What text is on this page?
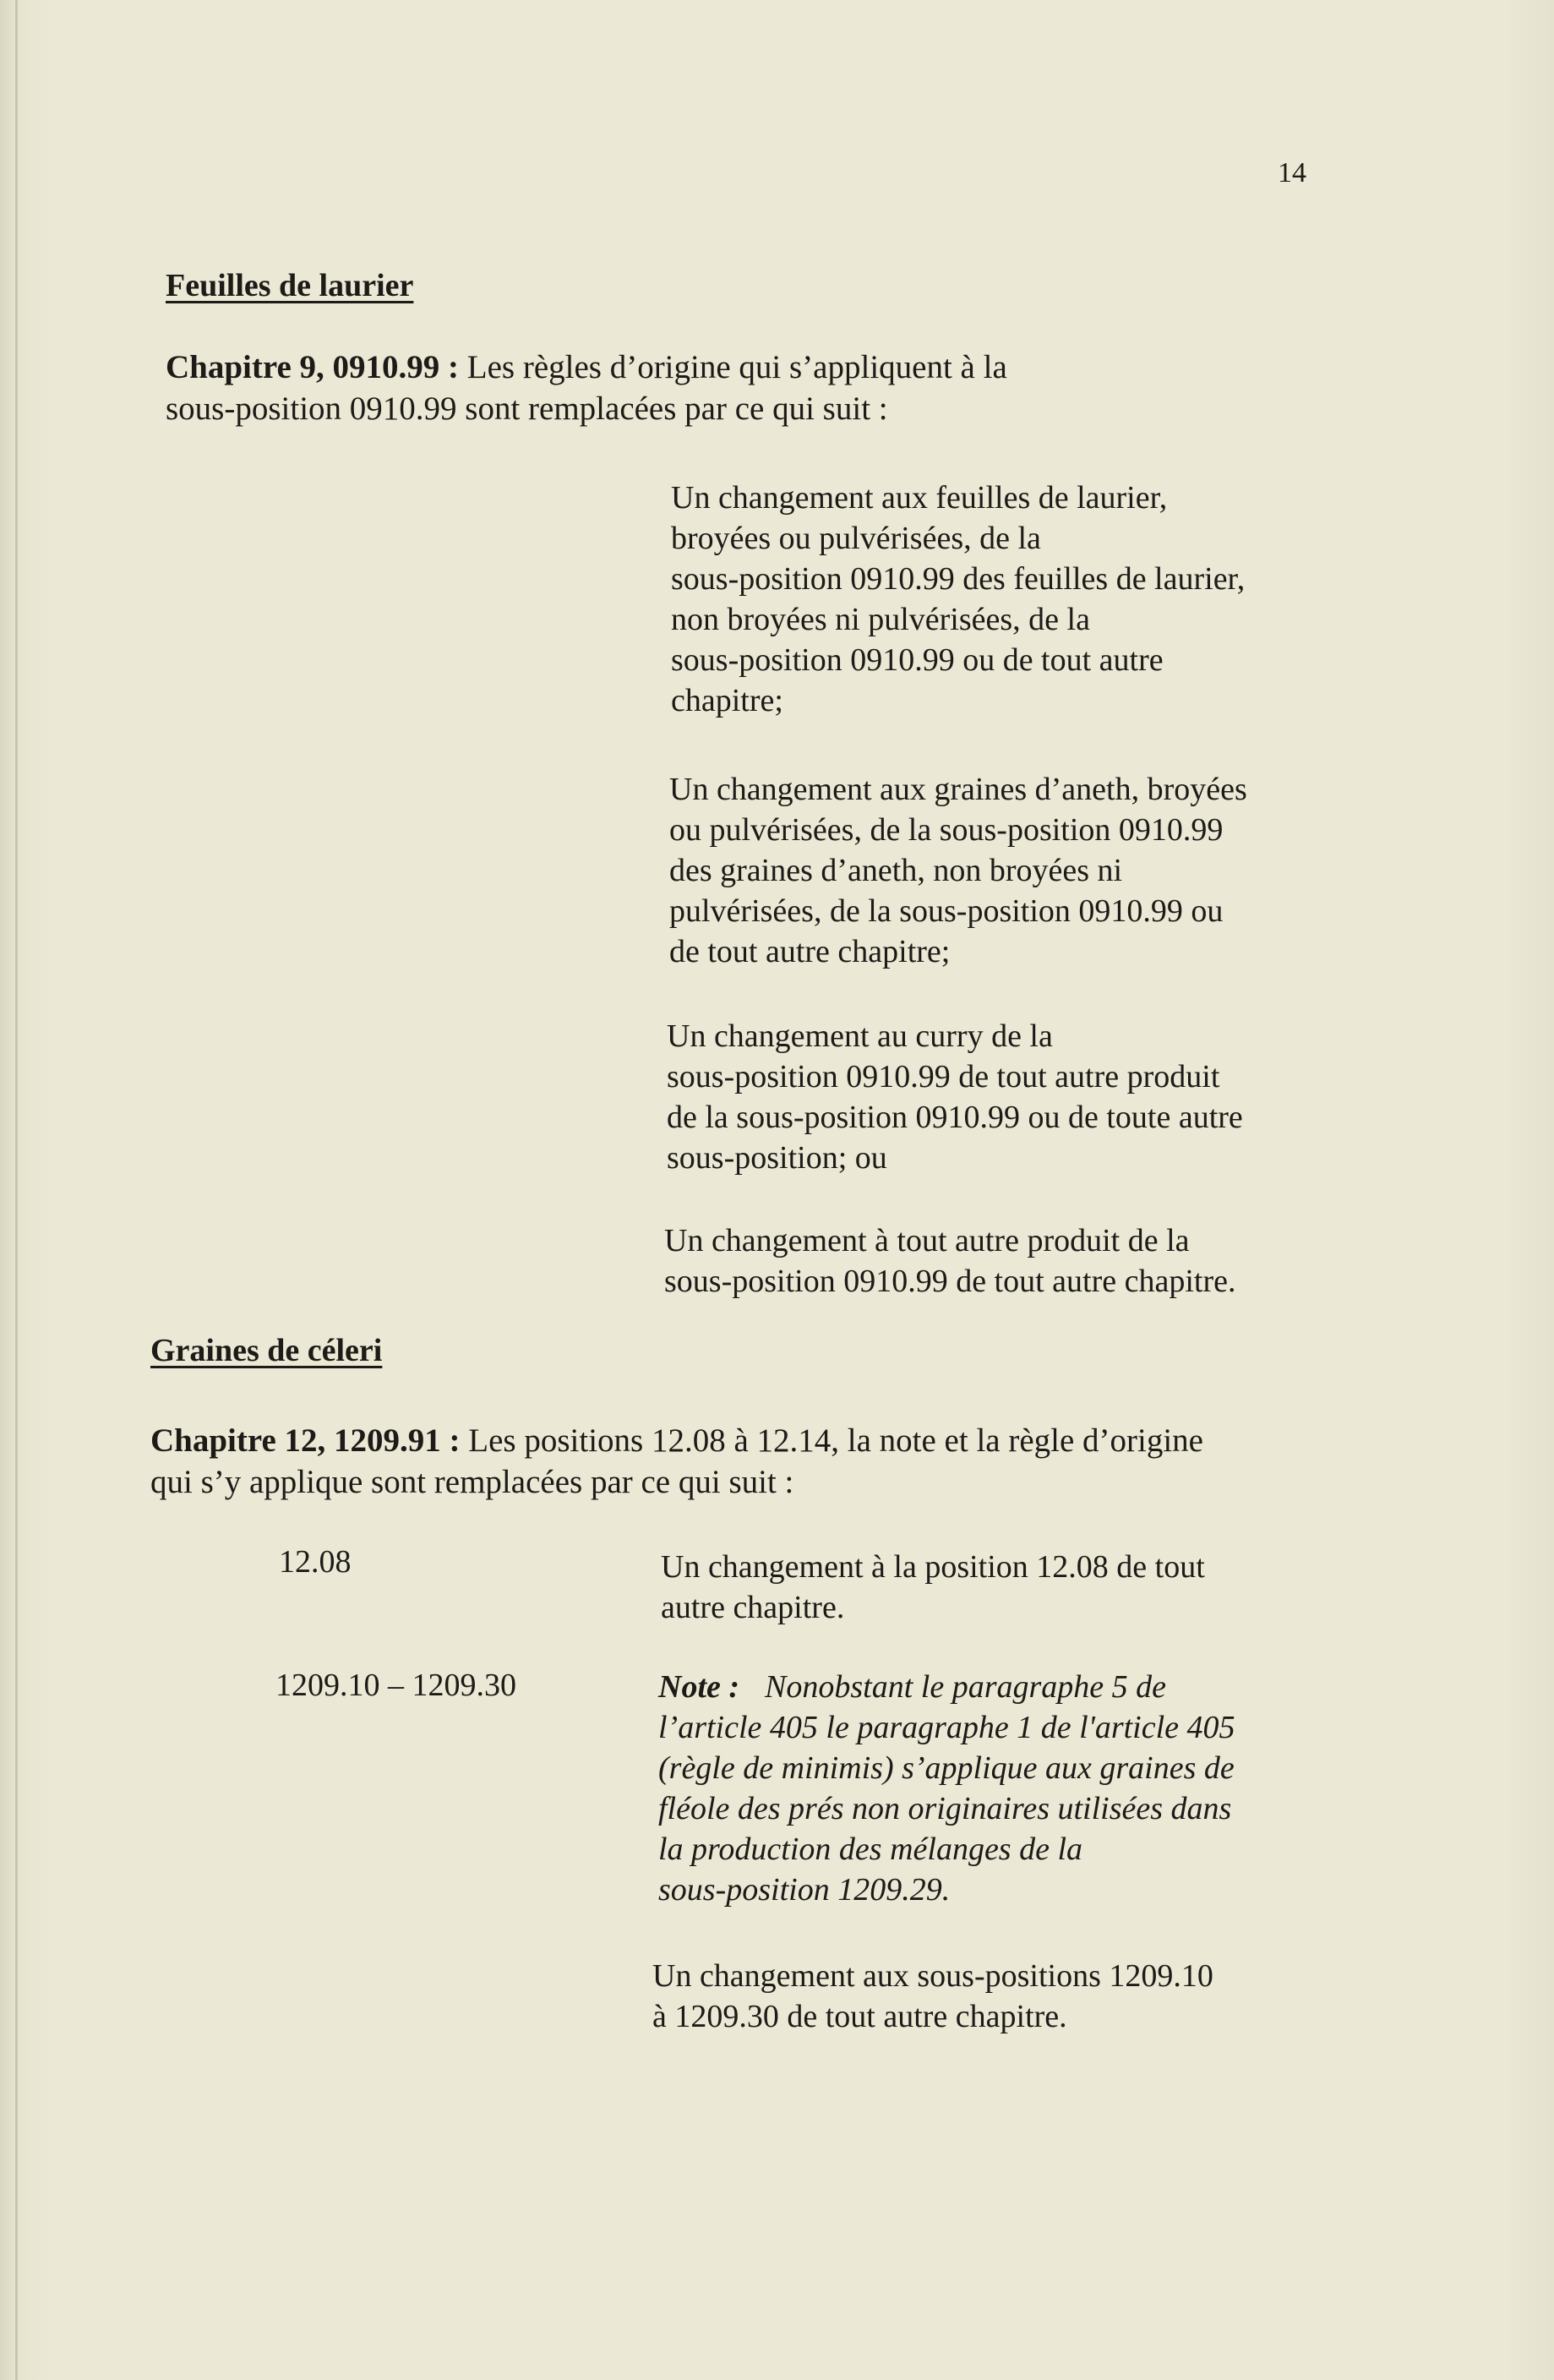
14
Feuilles de laurier
Chapitre 9, 0910.99 : Les règles d’origine qui s’appliquent à la
sous-position 0910.99 sont remplacées par ce qui suit :
Un changement aux feuilles de laurier,
broyées ou pulvérisées, de la
sous-position 0910.99 des feuilles de laurier,
non broyées ni pulvérisées, de la
sous-position 0910.99 ou de tout autre
chapitre;
Un changement aux graines d’aneth, broyées
ou pulvérisées, de la sous-position 0910.99
des graines d’aneth, non broyées ni
pulvérisées, de la sous-position 0910.99 ou
de tout autre chapitre;
Un changement au curry de la
sous-position 0910.99 de tout autre produit
de la sous-position 0910.99 ou de toute autre
sous-position; ou
Un changement à tout autre produit de la
sous-position 0910.99 de tout autre chapitre.
Graines de céleri
Chapitre 12, 1209.91 : Les positions 12.08 à 12.14, la note et la règle d’origine
qui s’y applique sont remplacées par ce qui suit :
12.08	Un changement à la position 12.08 de tout
autre chapitre.
1209.10 – 1209.30	Note : Nonobstant le paragraphe 5 de
l’article 405 le paragraphe 1 de l'article 405
(règle de minimis) s’applique aux graines de
fléole des prés non originaires utilisées dans
la production des mélanges de la
sous-position 1209.29.
Un changement aux sous-positions 1209.10
à 1209.30 de tout autre chapitre.
